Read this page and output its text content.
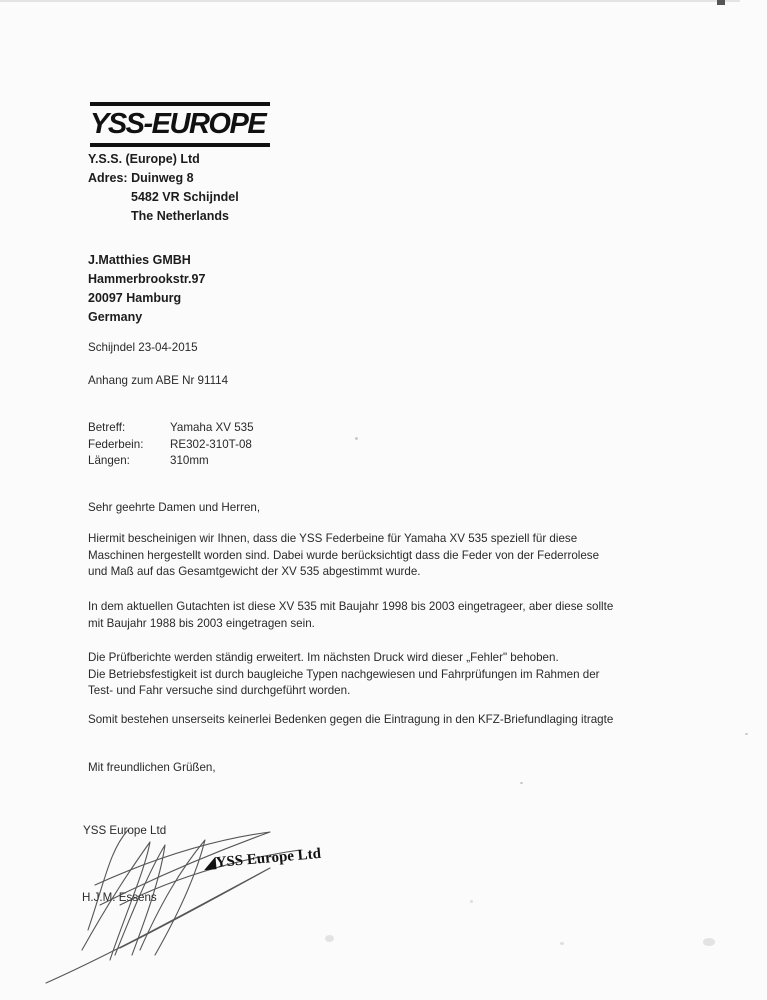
YSS-EUROPE
Y.S.S. (Europe) Ltd
Adres: Duinweg 8
5482 VR Schijndel
The Netherlands
J.Matthies GMBH
Hammerbrookstr.97
20097 Hamburg
Germany
Schijndel 23-04-2015
Anhang zum ABE Nr 91114
Betreff:	Yamaha XV 535
Federbein: RE302-310T-08
Längen:	310mm
Sehr geehrte Damen und Herren,

Hiermit bescheinigen wir Ihnen, dass die YSS Federbeine für Yamaha XV 535 speziell für diese

Maschinen hergestellt worden sind. Dabei wurde berücksichtigt dass die Feder von der Federrolese

und Maß auf das Gesamtgewicht der XV 535 abgestimmt wurde.

In dem aktuellen Gutachten ist diese XV 535 mit Baujahr 1998 bis 2003 eingetrageer, aber diese sollte

mit Baujahr 1988 bis 2003 eingetragen sein.

Die Prüfberichte werden ständig erweitert. Im nächsten Druck wird dieser „Fehler" behoben.

Die Betriebsfestigkeit ist durch baugleiche Typen nachgewiesen und Fahrprüfungen im Rahmen der

Test- und Fahr versuche sind durchgeführt worden.

Somit bestehen unserseits keinerlei Bedenken gegen die Eintragung in den KFZ-Briefundlaging itragte

Mit freundlichen Grüßen,
YSS Europe Ltd
H.J.M. Essens
◢YSS Europe Ltd
